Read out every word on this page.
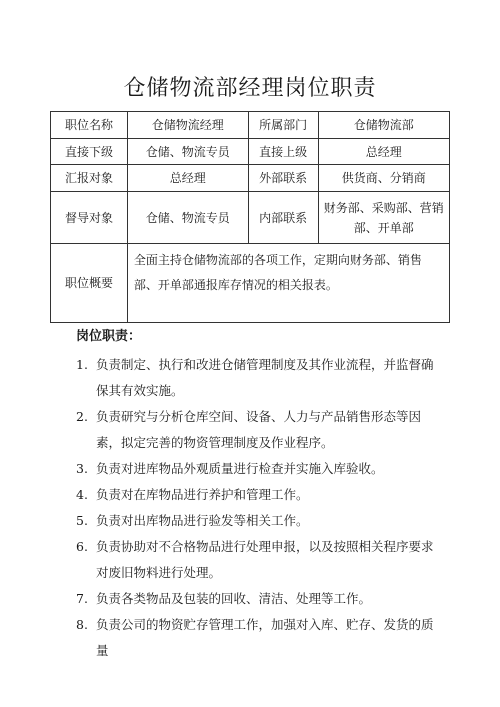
仓储物流部经理岗位职责
职位名称	仓储物流经理	所属部门	仓储物流部
直接下级	仓储、物流专员	直接上级	总经理
汇报对象	总经理	外部联系	供货商、分销商
督导对象	仓储、物流专员	内部联系	财务部、采购部、营销部、开单部
职位概要	全面主持仓储物流部的各项工作，定期向财务部、销售部、开单部通报库存情况的相关报表。		
岗位职责：
1. 负责制定、执行和改进仓储管理制度及其作业流程，并监督确保其有效实施。
2. 负责研究与分析仓库空间、设备、人力与产品销售形态等因素，拟定完善的物资管理制度及作业程序。
3. 负责对进库物品外观质量进行检查并实施入库验收。
4. 负责对在库物品进行养护和管理工作。
5. 负责对出库物品进行验发等相关工作。
6. 负责协助对不合格物品进行处理申报，以及按照相关程序要求对废旧物料进行处理。
7. 负责各类物品及包装的回收、清洁、处理等工作。
8. 负责公司的物资贮存管理工作，加强对入库、贮存、发货的质量
